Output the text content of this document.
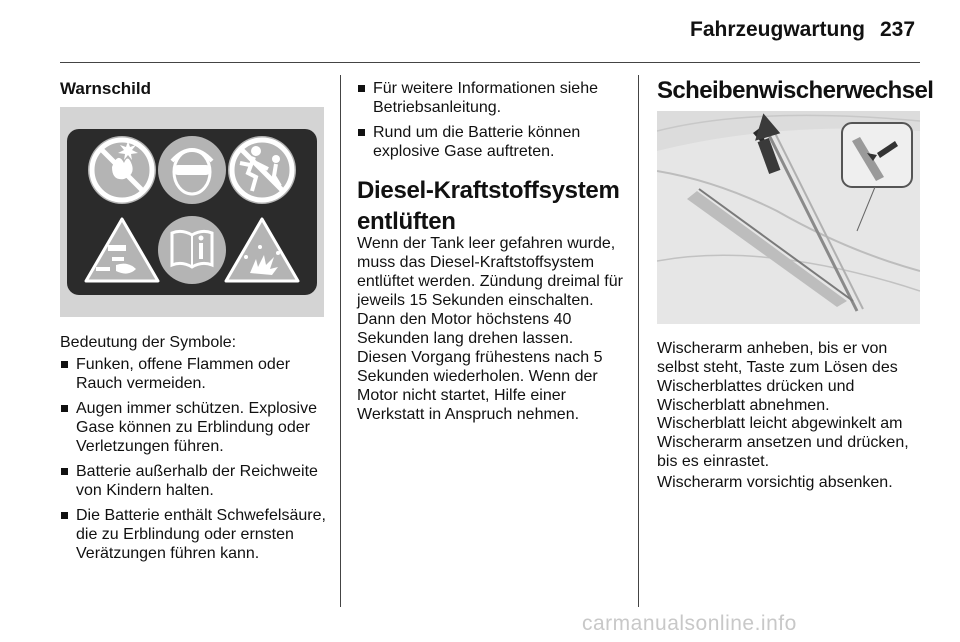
Fahrzeugwartung 237
Warnschild
Bedeutung der Symbole:
Funken, offene Flammen oder Rauch vermeiden.
Augen immer schützen. Explosive Gase können zu Erblindung oder Verletzungen führen.
Batterie außerhalb der Reichweite von Kindern halten.
Die Batterie enthält Schwefelsäure, die zu Erblindung oder ernsten Verätzungen führen kann.
Für weitere Informationen siehe Betriebsanleitung.
Rund um die Batterie können explosive Gase auftreten.
Diesel-Kraftstoffsystem
entlüften
Wenn der Tank leer gefahren wurde, muss das Diesel-Kraftstoffsystem entlüftet werden. Zündung dreimal für jeweils 15 Sekunden einschalten. Dann den Motor höchstens 40 Sekunden lang drehen lassen. Diesen Vorgang frühestens nach 5 Sekunden wiederholen. Wenn der Motor nicht startet, Hilfe einer Werkstatt in Anspruch nehmen.
Scheibenwischerwechsel
Wischerarm anheben, bis er von selbst steht, Taste zum Lösen des Wischerblattes drücken und Wischerblatt abnehmen.
Wischerblatt leicht abgewinkelt am Wischerarm ansetzen und drücken, bis es einrastet.
Wischerarm vorsichtig absenken.
carmanualsonline.info
